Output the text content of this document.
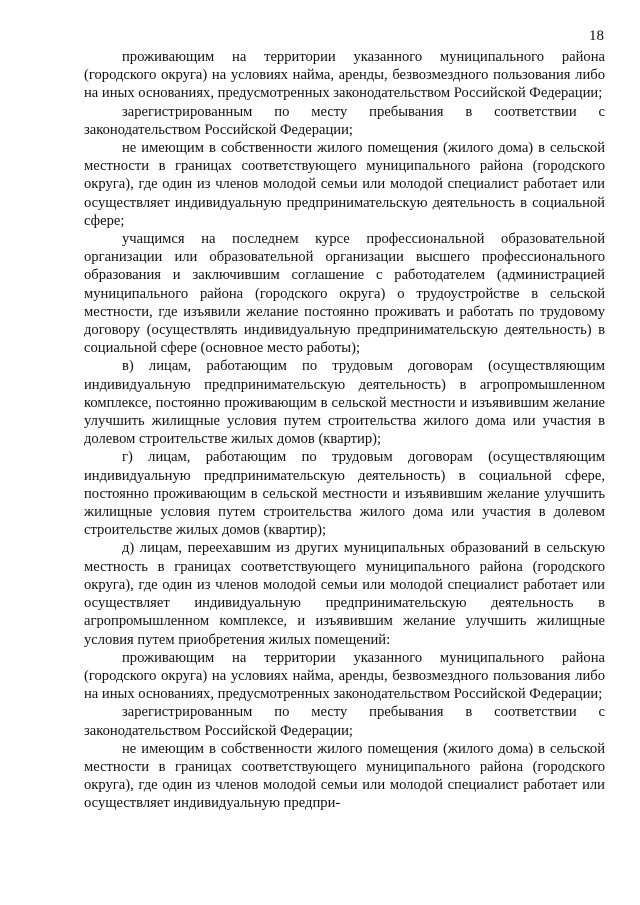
18

проживающим на территории указанного муниципального района (городского округа) на условиях найма, аренды, безвозмездного пользования либо на иных основаниях, предусмотренных законодательством Российской Федерации;

зарегистрированным по месту пребывания в соответствии с законодательством Российской Федерации;

не имеющим в собственности жилого помещения (жилого дома) в сельской местности в границах соответствующего муниципального района (городского округа), где один из членов молодой семьи или молодой специалист работает или осуществляет индивидуальную предпринимательскую деятельность в социальной сфере;

учащимся на последнем курсе профессиональной образовательной организации или образовательной организации высшего профессионального образования и заключившим соглашение с работодателем (администрацией муниципального района (городского округа) о трудоустройстве в сельской местности, где изъявили желание постоянно проживать и работать по трудовому договору (осуществлять индивидуальную предпринимательскую деятельность) в социальной сфере (основное место работы);

в) лицам, работающим по трудовым договорам (осуществляющим индивидуальную предпринимательскую деятельность) в агропромышленном комплексе, постоянно проживающим в сельской местности и изъявившим желание улучшить жилищные условия путем строительства жилого дома или участия в долевом строительстве жилых домов (квартир);

г) лицам, работающим по трудовым договорам (осуществляющим индивидуальную предпринимательскую деятельность) в социальной сфере, постоянно проживающим в сельской местности и изъявившим желание улучшить жилищные условия путем строительства жилого дома или участия в долевом строительстве жилых домов (квартир);

д) лицам, переехавшим из других муниципальных образований в сельскую местность в границах соответствующего муниципального района (городского округа), где один из членов молодой семьи или молодой специалист работает или осуществляет индивидуальную предпринимательскую деятельность в агропромышленном комплексе, и изъявившим желание улучшить жилищные условия путем приобретения жилых помещений:

проживающим на территории указанного муниципального района (городского округа) на условиях найма, аренды, безвозмездного пользования либо на иных основаниях, предусмотренных законодательством Российской Федерации;

зарегистрированным по месту пребывания в соответствии с законодательством Российской Федерации;

не имеющим в собственности жилого помещения (жилого дома) в сельской местности в границах соответствующего муниципального района (городского округа), где один из членов молодой семьи или молодой специалист работает или осуществляет индивидуальную предпри-
